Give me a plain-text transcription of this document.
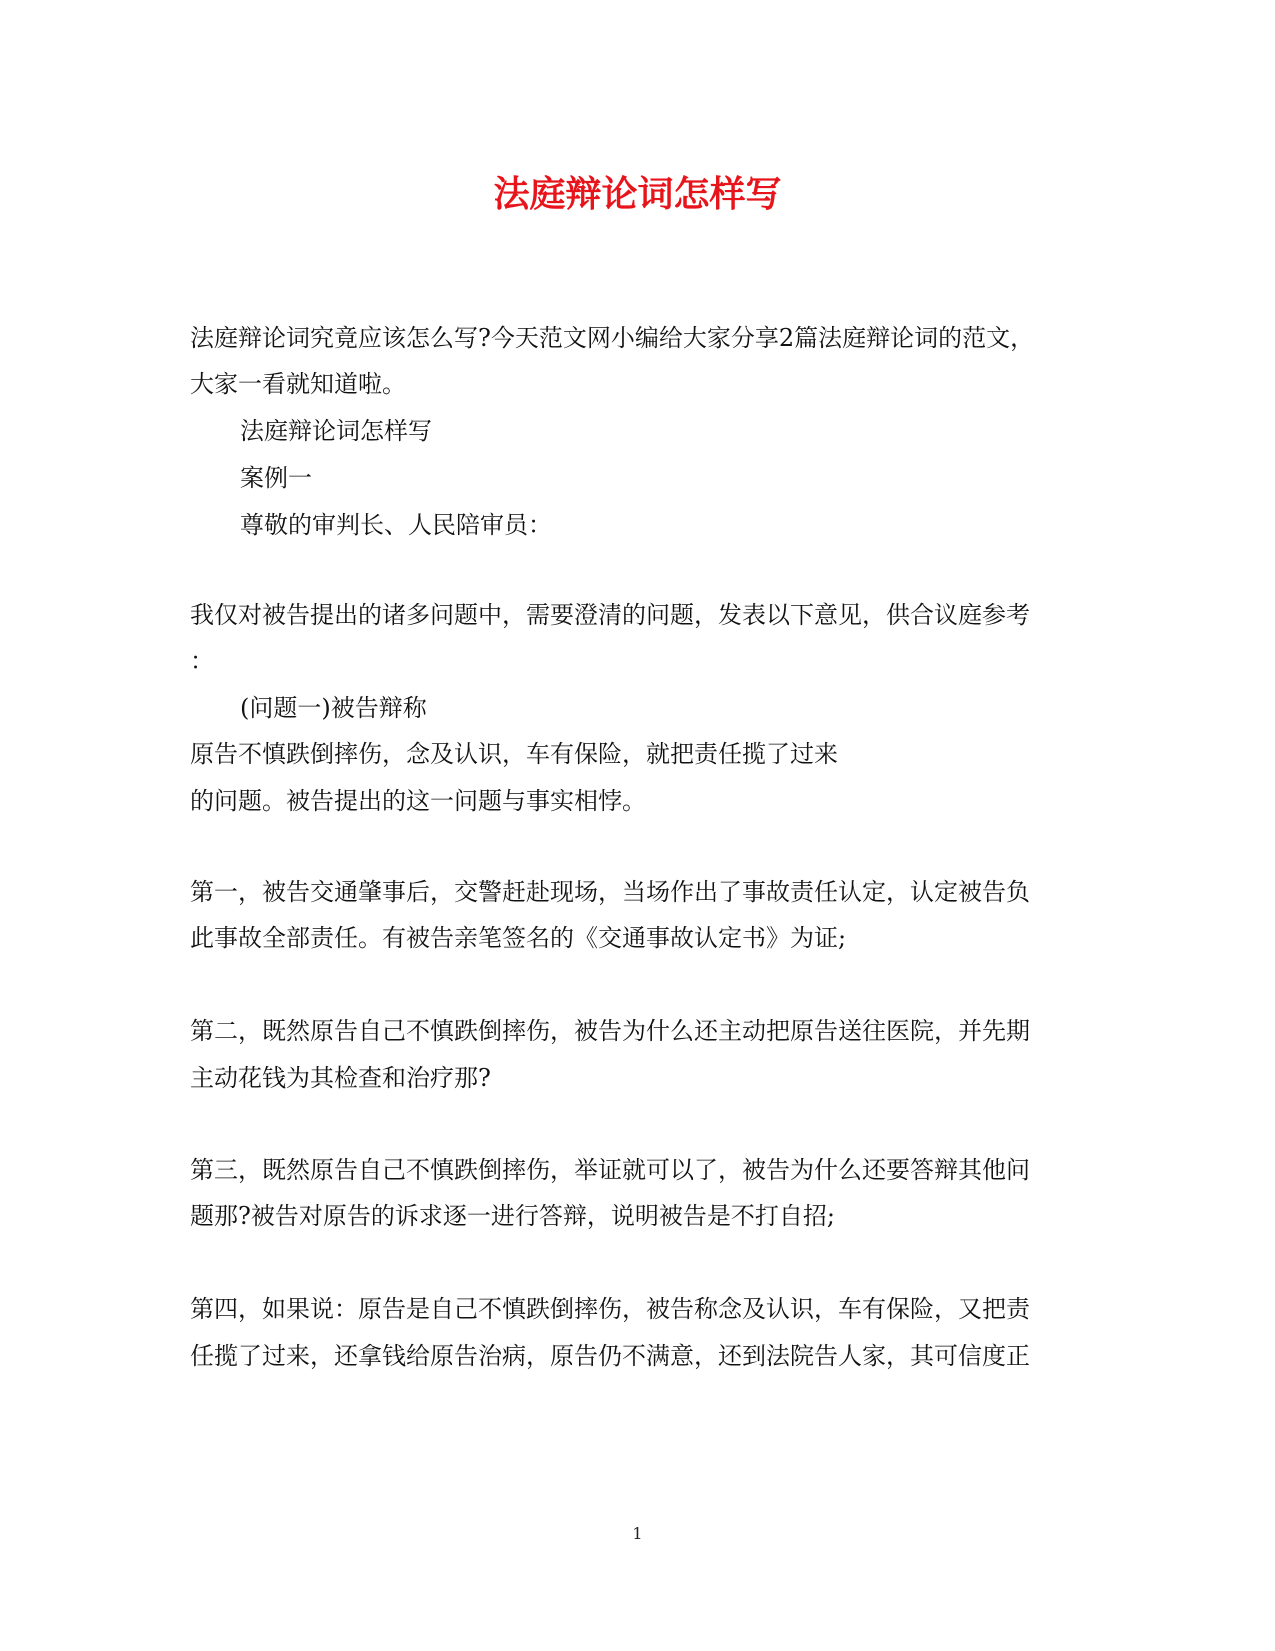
法庭辩论词怎样写

法庭辩论词究竟应该怎么写?今天范文网小编给大家分享2篇法庭辩论词的范文，

大家一看就知道啦。

法庭辩论词怎样写

案例一

尊敬的审判长、人民陪审员：

我仅对被告提出的诸多问题中，需要澄清的问题，发表以下意见，供合议庭参考

：

(问题一)被告辩称

原告不慎跌倒摔伤，念及认识，车有保险，就把责任揽了过来

的问题。被告提出的这一问题与事实相悖。

第一，被告交通肇事后，交警赶赴现场，当场作出了事故责任认定，认定被告负

此事故全部责任。有被告亲笔签名的《交通事故认定书》为证;

第二，既然原告自己不慎跌倒摔伤，被告为什么还主动把原告送往医院，并先期

主动花钱为其检查和治疗那?

第三，既然原告自己不慎跌倒摔伤，举证就可以了，被告为什么还要答辩其他问

题那?被告对原告的诉求逐一进行答辩，说明被告是不打自招;

第四，如果说：原告是自己不慎跌倒摔伤，被告称念及认识，车有保险，又把责

任揽了过来，还拿钱给原告治病，原告仍不满意，还到法院告人家，其可信度正

1
